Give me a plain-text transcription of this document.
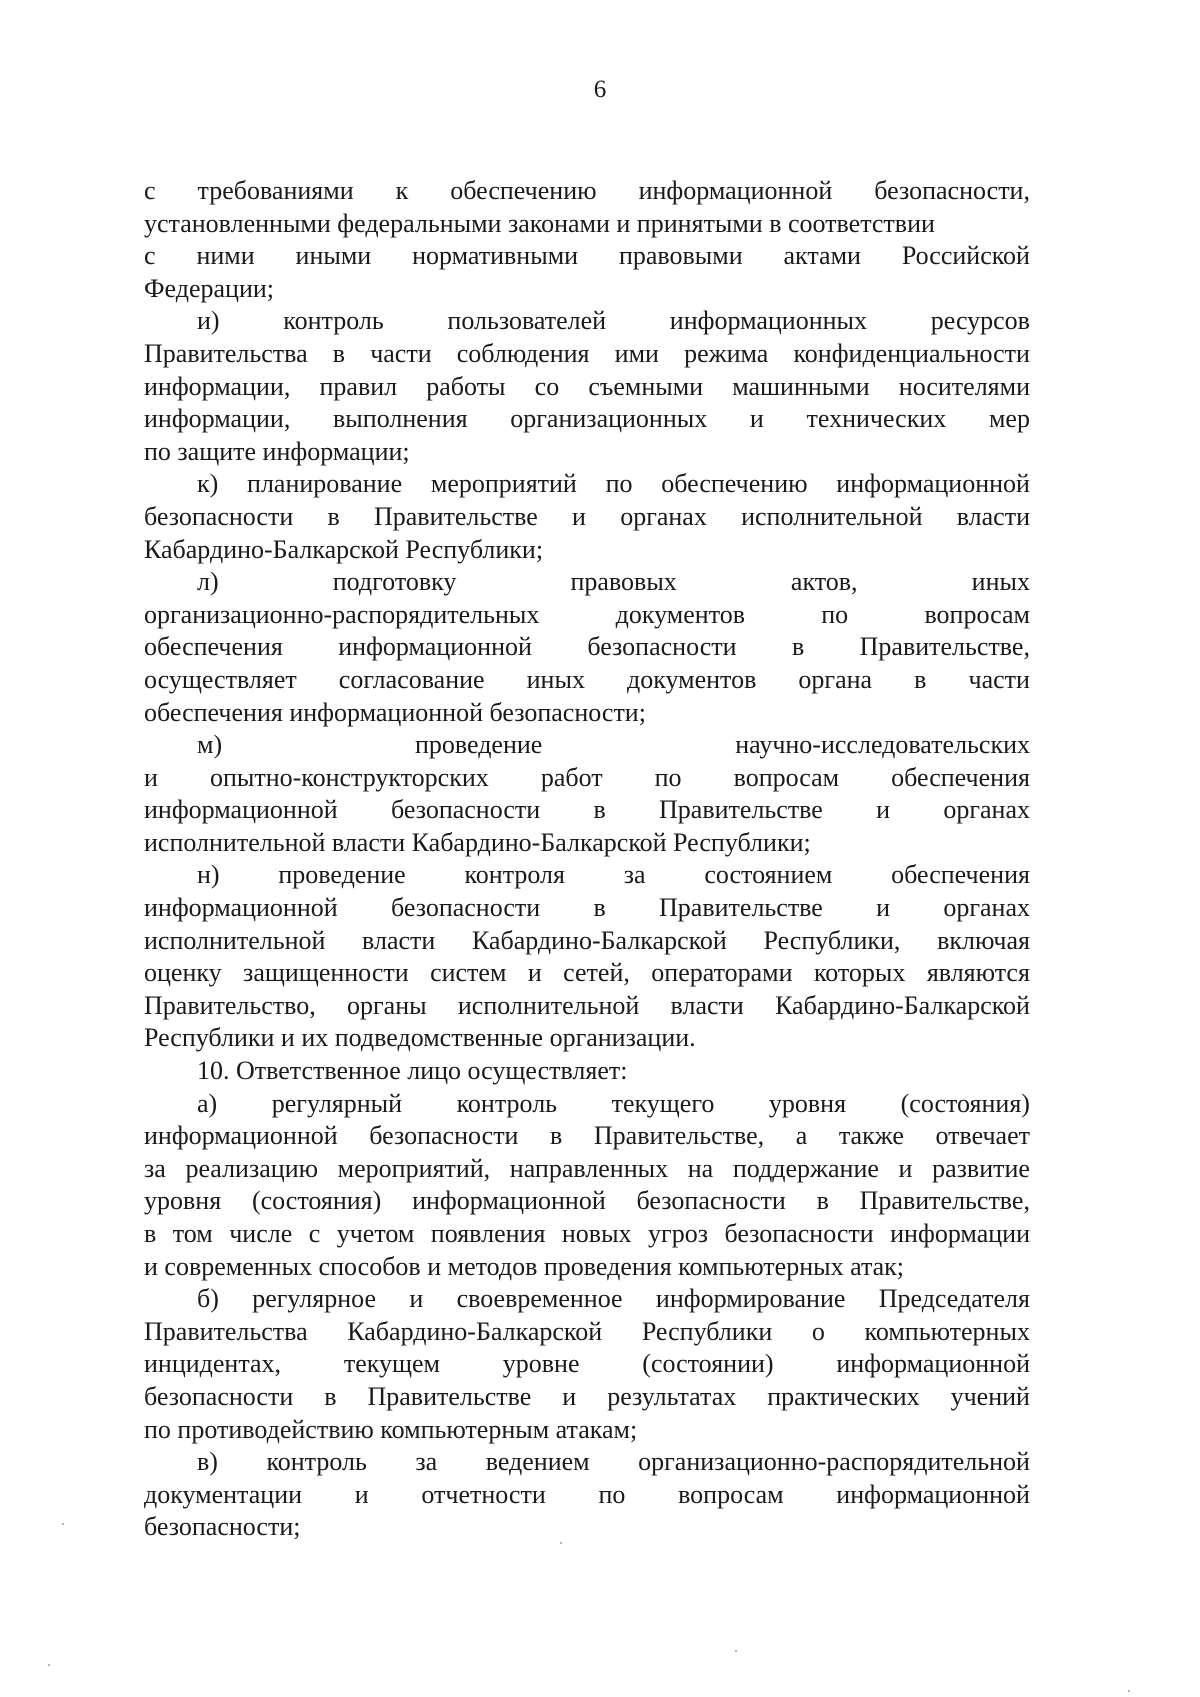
6
с требованиями к обеспечению информационной безопасности,
установленными федеральными законами и принятыми в соответствии
с ними иными нормативными правовыми актами Российской
Федерации;
и) контроль пользователей информационных ресурсов
Правительства в части соблюдения ими режима конфиденциальности
информации, правил работы со съемными машинными носителями
информации, выполнения организационных и технических мер
по защите информации;
к) планирование мероприятий по обеспечению информационной
безопасности в Правительстве и органах исполнительной власти
Кабардино-Балкарской Республики;
л)	подготовку	правовых	актов,	иных
организационно-распорядительных	документов	по	вопросам
обеспечения информационной безопасности в Правительстве,
осуществляет согласование иных документов органа в части
обеспечения информационной безопасности;
м)	проведение	научно-исследовательских
и опытно-конструкторских работ по вопросам обеспечения
информационной безопасности в Правительстве и органах
исполнительной власти Кабардино-Балкарской Республики;
н) проведение контроля за состоянием обеспечения
информационной безопасности в Правительстве и органах
исполнительной власти Кабардино-Балкарской Республики, включая
оценку защищенности систем и сетей, операторами которых являются
Правительство, органы исполнительной власти Кабардино-Балкарской
Республики и их подведомственные организации.
10. Ответственное лицо осуществляет:
а) регулярный контроль текущего уровня (состояния)
информационной безопасности в Правительстве, а также отвечает
за реализацию мероприятий, направленных на поддержание и развитие
уровня (состояния) информационной безопасности в Правительстве,
в том числе с учетом появления новых угроз безопасности информации
и современных способов и методов проведения компьютерных атак;
б) регулярное и своевременное информирование Председателя
Правительства Кабардино-Балкарской Республики о компьютерных
инцидентах, текущем уровне (состоянии) информационной
безопасности в Правительстве и результатах практических учений
по противодействию компьютерным атакам;
в) контроль за ведением организационно-распорядительной
документации и отчетности по вопросам информационной
безопасности;
